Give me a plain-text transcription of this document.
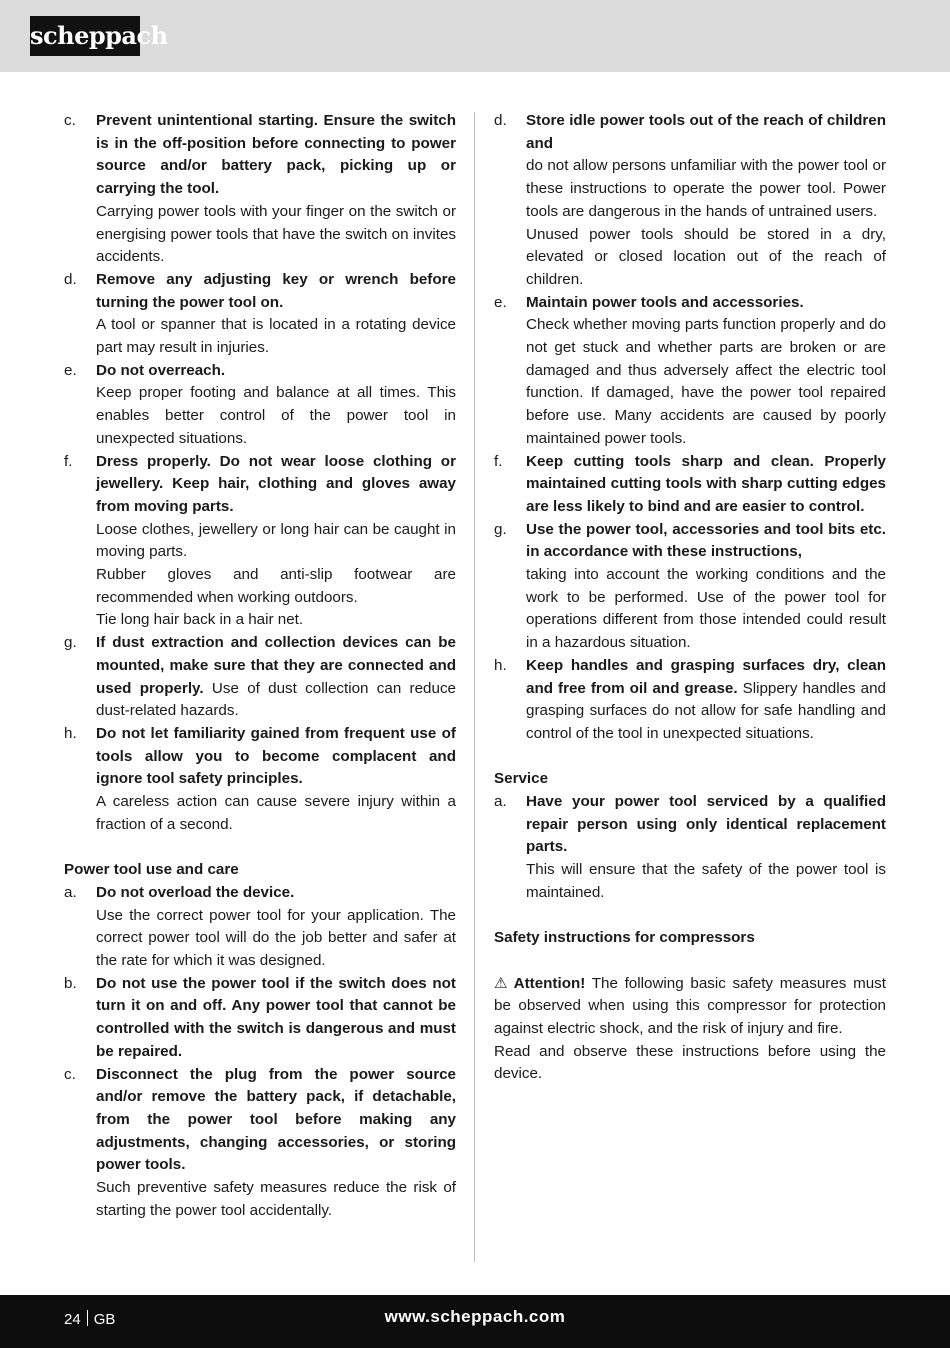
scheppach
c.	Prevent unintentional starting. Ensure the switch is in the off-position before connecting to power source and/or battery pack, picking up or carrying the tool.
Carrying power tools with your finger on the switch or energising power tools that have the switch on invites accidents.
d.	Remove any adjusting key or wrench before turning the power tool on.
A tool or spanner that is located in a rotating device part may result in injuries.
e.	Do not overreach.
Keep proper footing and balance at all times. This enables better control of the power tool in unexpected situations.
f.	Dress properly. Do not wear loose clothing or jewellery. Keep hair, clothing and gloves away from moving parts.
Loose clothes, jewellery or long hair can be caught in moving parts.
Rubber gloves and anti-slip footwear are recommended when working outdoors.
Tie long hair back in a hair net.
g.	If dust extraction and collection devices can be mounted, make sure that they are connected and used properly. Use of dust collection can reduce dust-related hazards.
h.	Do not let familiarity gained from frequent use of tools allow you to become complacent and ignore tool safety principles.
A careless action can cause severe injury within a fraction of a second.
Power tool use and care
a.	Do not overload the device.
Use the correct power tool for your application. The correct power tool will do the job better and safer at the rate for which it was designed.
b.	Do not use the power tool if the switch does not turn it on and off. Any power tool that cannot be controlled with the switch is dangerous and must be repaired.
c.	Disconnect the plug from the power source and/or remove the battery pack, if detachable, from the power tool before making any adjustments, changing accessories, or storing power tools.
Such preventive safety measures reduce the risk of starting the power tool accidentally.
d.	Store idle power tools out of the reach of children and
do not allow persons unfamiliar with the power tool or these instructions to operate the power tool. Power tools are dangerous in the hands of untrained users.
Unused power tools should be stored in a dry, elevated or closed location out of the reach of children.
e.	Maintain power tools and accessories.
Check whether moving parts function properly and do not get stuck and whether parts are broken or are damaged and thus adversely affect the electric tool function. If damaged, have the power tool repaired before use. Many accidents are caused by poorly maintained power tools.
f.	Keep cutting tools sharp and clean. Properly maintained cutting tools with sharp cutting edges are less likely to bind and are easier to control.
g.	Use the power tool, accessories and tool bits etc. in accordance with these instructions,
taking into account the working conditions and the work to be performed. Use of the power tool for operations different from those intended could result in a hazardous situation.
h.	Keep handles and grasping surfaces dry, clean and free from oil and grease. Slippery handles and grasping surfaces do not allow for safe handling and control of the tool in unexpected situations.
Service
a.	Have your power tool serviced by a qualified repair person using only identical replacement parts.
This will ensure that the safety of the power tool is maintained.
Safety instructions for compressors
⚠ Attention! The following basic safety measures must be observed when using this compressor for protection against electric shock, and the risk of injury and fire.
Read and observe these instructions before using the device.
24 GB	www.scheppach.com
